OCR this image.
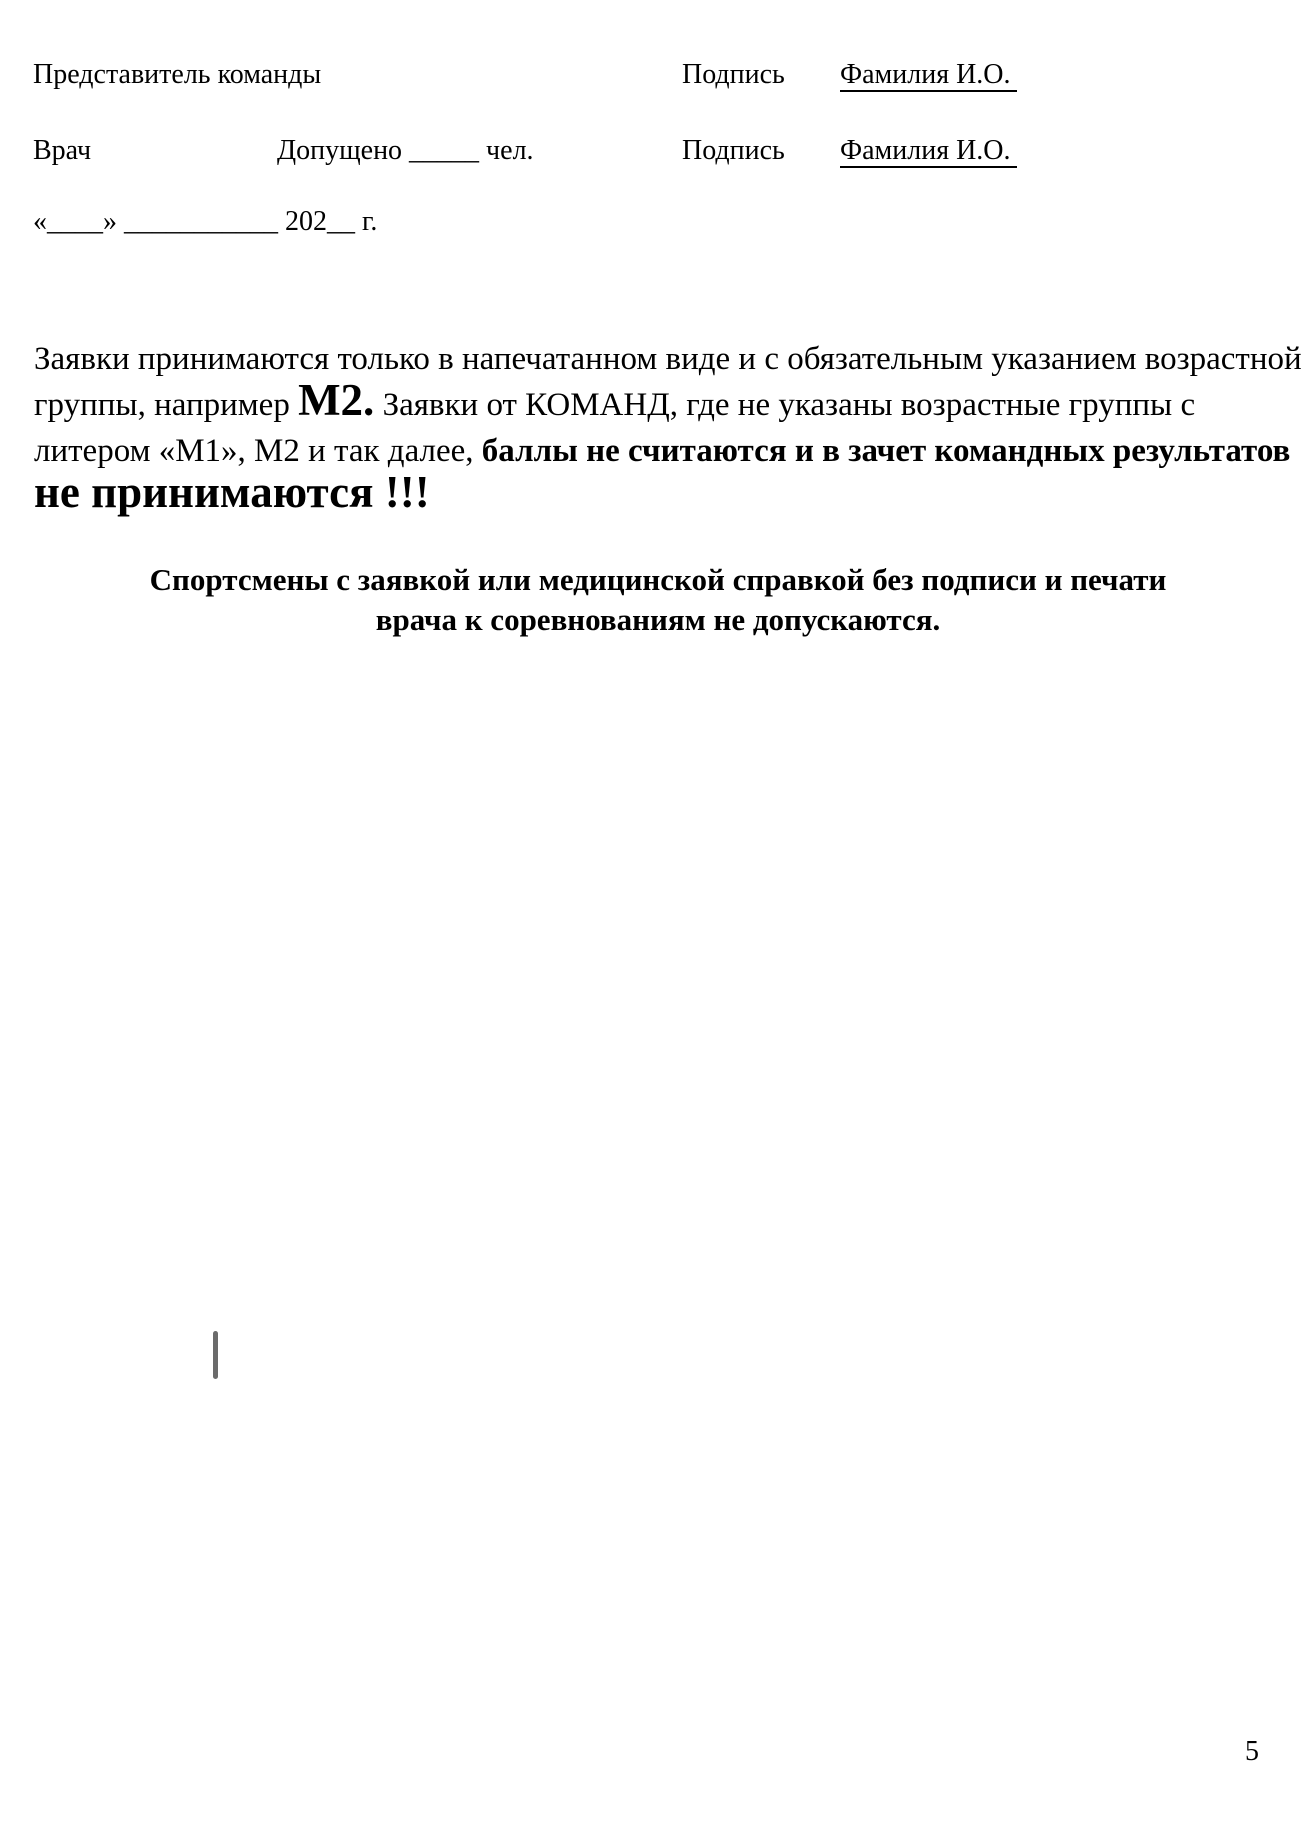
Представитель команды	Подпись Фамилия И.О.
Врач	Допущено _____ чел.	Подпись Фамилия И.О.
«____» ___________ 202__ г.
Заявки принимаются только в напечатанном виде и с обязательным указанием возрастной
группы, например М2. Заявки от КОМАНД, где не указаны возрастные группы с
литером «М1», М2 и так далее, баллы не считаются и в зачет командных результатов
не принимаются !!!
Спортсмены с заявкой или медицинской справкой без подписи и печати
врача к соревнованиям не допускаются.
5
